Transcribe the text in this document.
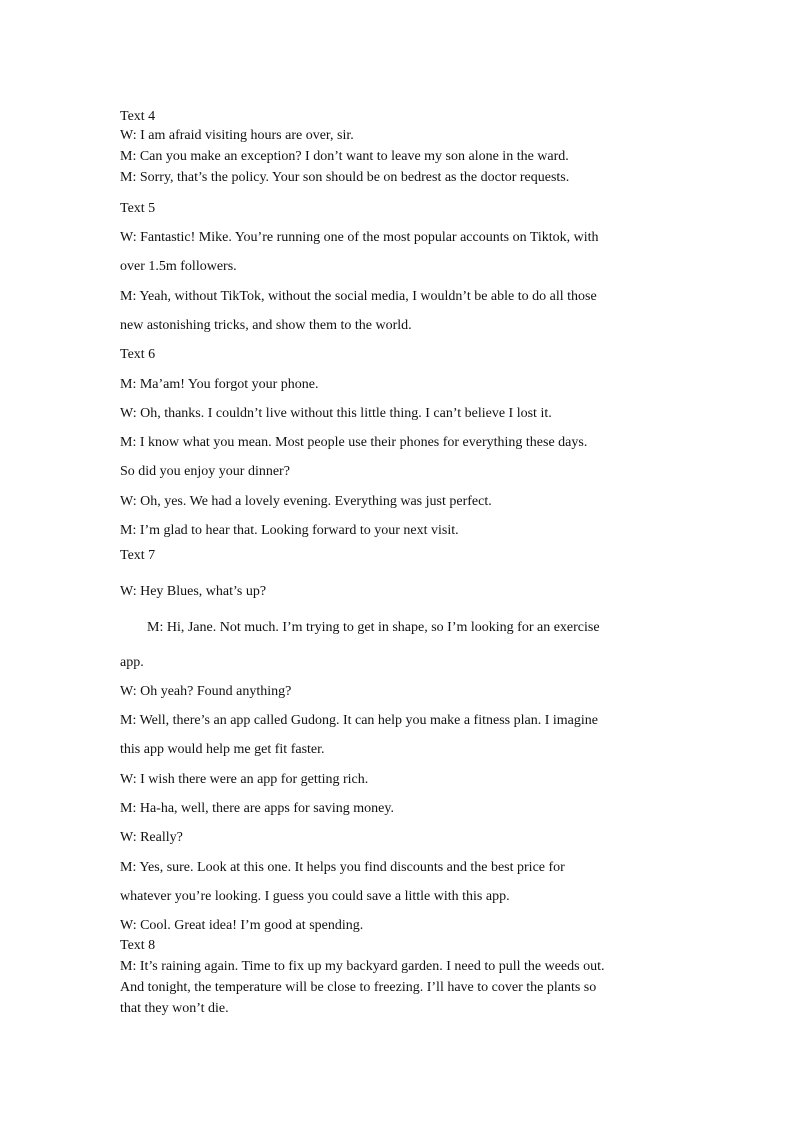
Text 4
W: I am afraid visiting hours are over, sir.
M: Can you make an exception? I don’t want to leave my son alone in the ward.
M: Sorry, that’s the policy. Your son should be on bedrest as the doctor requests.
Text 5
W: Fantastic! Mike. You’re running one of the most popular accounts on Tiktok, with
over 1.5m followers.
M: Yeah, without TikTok, without the social media, I wouldn’t be able to do all those
new astonishing tricks, and show them to the world.
Text 6
M: Ma’am! You forgot your phone.
W: Oh, thanks. I couldn’t live without this little thing. I can’t believe I lost it.
M: I know what you mean. Most people use their phones for everything these days.
So did you enjoy your dinner?
W: Oh, yes. We had a lovely evening. Everything was just perfect.
M: I’m glad to hear that. Looking forward to your next visit.
Text 7
W: Hey Blues, what’s up?
M: Hi, Jane. Not much. I’m trying to get in shape, so I’m looking for an exercise
app.
W: Oh yeah? Found anything?
M: Well, there’s an app called Gudong. It can help you make a fitness plan. I imagine
this app would help me get fit faster.
W: I wish there were an app for getting rich.
M: Ha-ha, well, there are apps for saving money.
W: Really?
M: Yes, sure. Look at this one. It helps you find discounts and the best price for
whatever you’re looking. I guess you could save a little with this app.
W: Cool. Great idea! I’m good at spending.
Text 8
M: It’s raining again. Time to fix up my backyard garden. I need to pull the weeds out.
And tonight, the temperature will be close to freezing. I’ll have to cover the plants so
that they won’t die.
